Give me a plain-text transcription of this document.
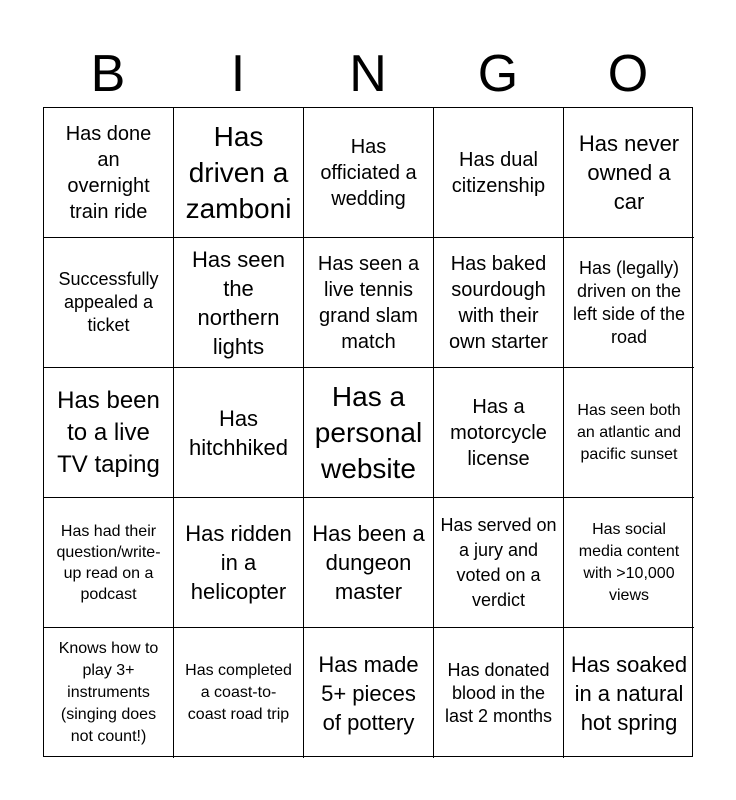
B	I	N	G	O
Has done an overnight train ride
Has driven a zamboni
Has officiated a wedding
Has dual citizenship
Has never owned a car
Successfully appealed a ticket
Has seen the northern lights
Has seen a live tennis grand slam match
Has baked sourdough with their own starter
Has (legally) driven on the left side of the road
Has been to a live TV taping
Has hitchhiked
Has a personal website
Has a motorcycle license
Has seen both an atlantic and pacific sunset
Has had their question/write-up read on a podcast
Has ridden in a helicopter
Has been a dungeon master
Has served on a jury and voted on a verdict
Has social media content with >10,000 views
Knows how to play 3+ instruments (singing does not count!)
Has completed a coast-to-coast road trip
Has made 5+ pieces of pottery
Has donated blood in the last 2 months
Has soaked in a natural hot spring
